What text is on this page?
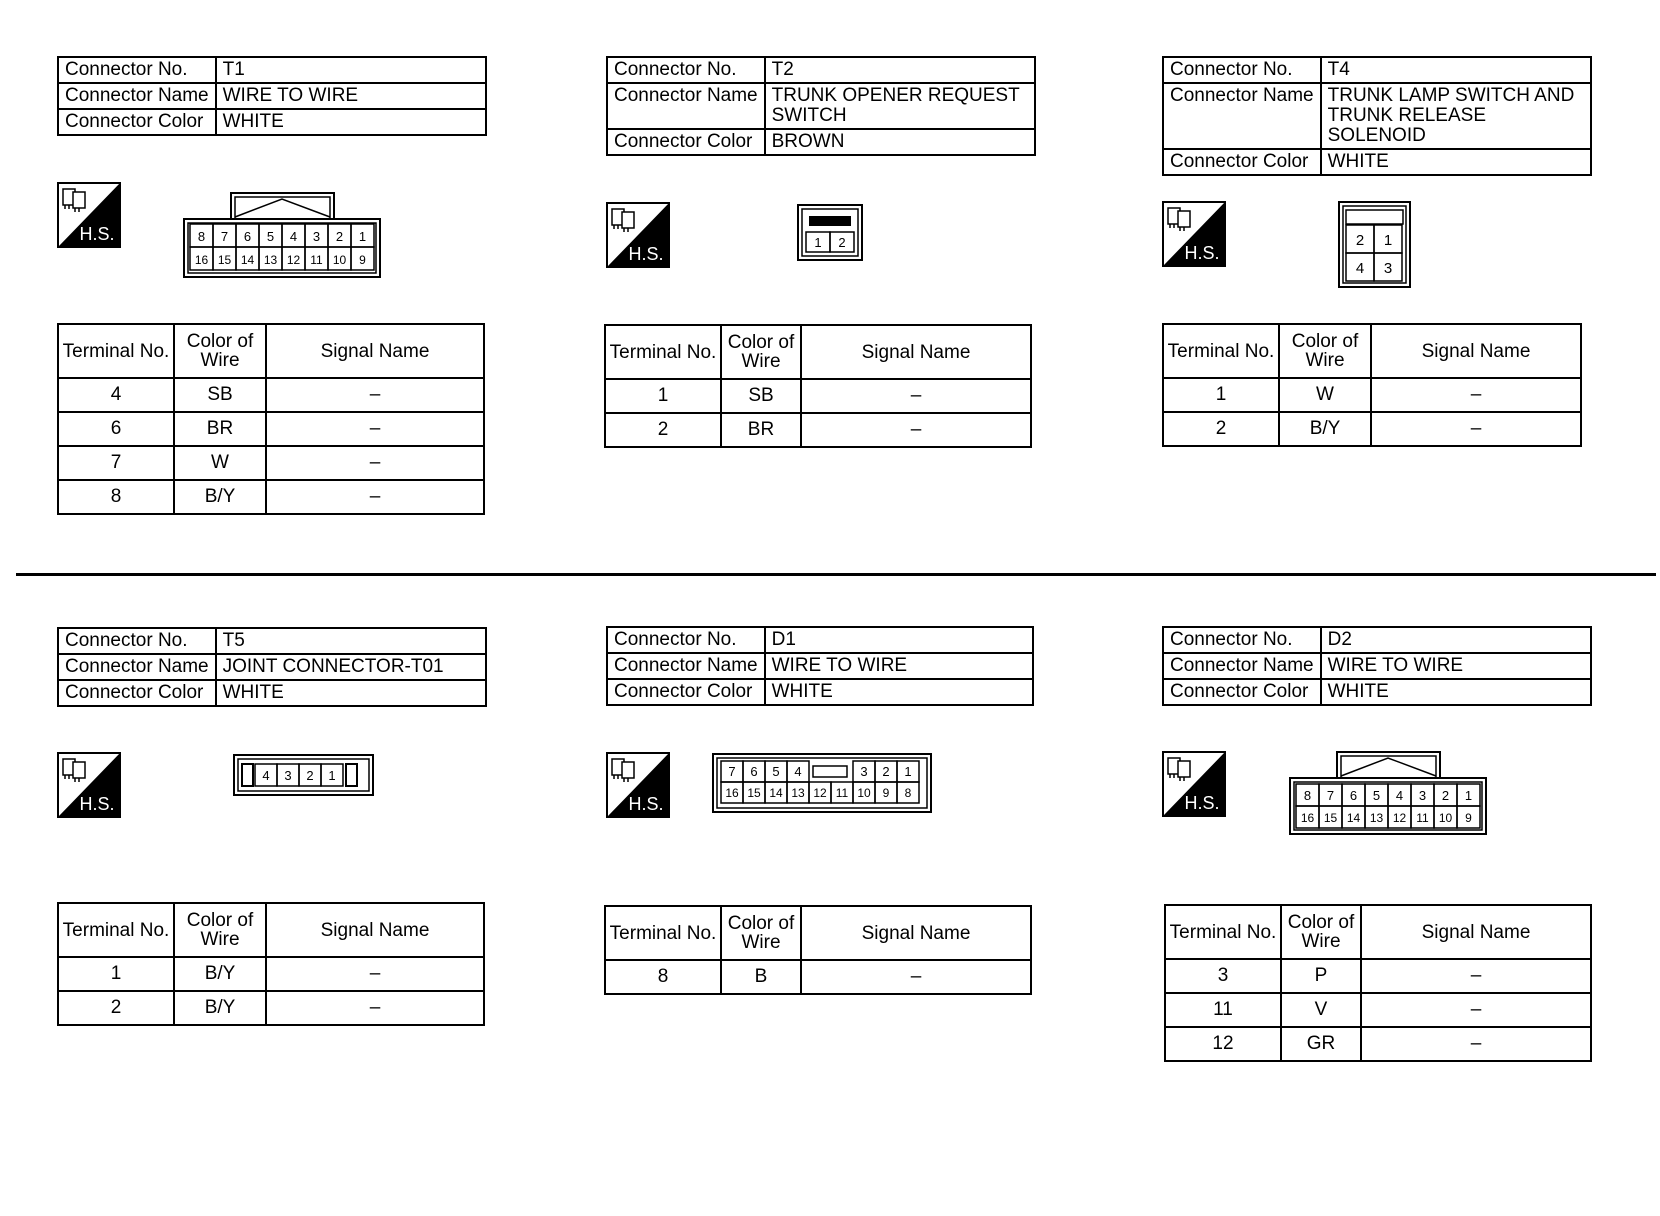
Connector No.	T1
Connector Name	WIRE TO WIRE
Connector Color	WHITE
H.S.	8 7 6 5 4 3 2 1
16 15 14 13 12 11 10 9
Terminal No.	Color of Wire	Signal Name
4	SB	–
6	BR	–
7	W	–
8	B/Y	–
Connector No.	T2
Connector Name	TRUNK OPENER REQUEST SWITCH
Connector Color	BROWN
H.S.
1 2
Terminal No.	Color of Wire	Signal Name
1	SB	–
2	BR	–
Connector No.	T4
Connector Name	TRUNK LAMP SWITCH AND TRUNK RELEASE SOLENOID
Connector Color	WHITE
H.S.
2 1
4 3
Terminal No.	Color of Wire	Signal Name
1	W	–
2	B/Y	–
Connector No.	T5
Connector Name	JOINT CONNECTOR-T01
Connector Color	WHITE
H.S.
4 3 2 1
Terminal No.	Color of Wire	Signal Name
1	B/Y	–
2	B/Y	–
Connector No.	D1
Connector Name	WIRE TO WIRE
Connector Color	WHITE
H.S.
7 6 5 4	3 2 1
16 15 14 13 12 11 10 9 8
Terminal No.	Color of Wire	Signal Name
8	B	–
Connector No.	D2
Connector Name	WIRE TO WIRE
Connector Color	WHITE
H.S.	8 7 6 5 4 3 2 1
16 15 14 13 12 11 10 9
Terminal No.	Color of Wire	Signal Name
3	P	–
11	V	–
12	GR	–
